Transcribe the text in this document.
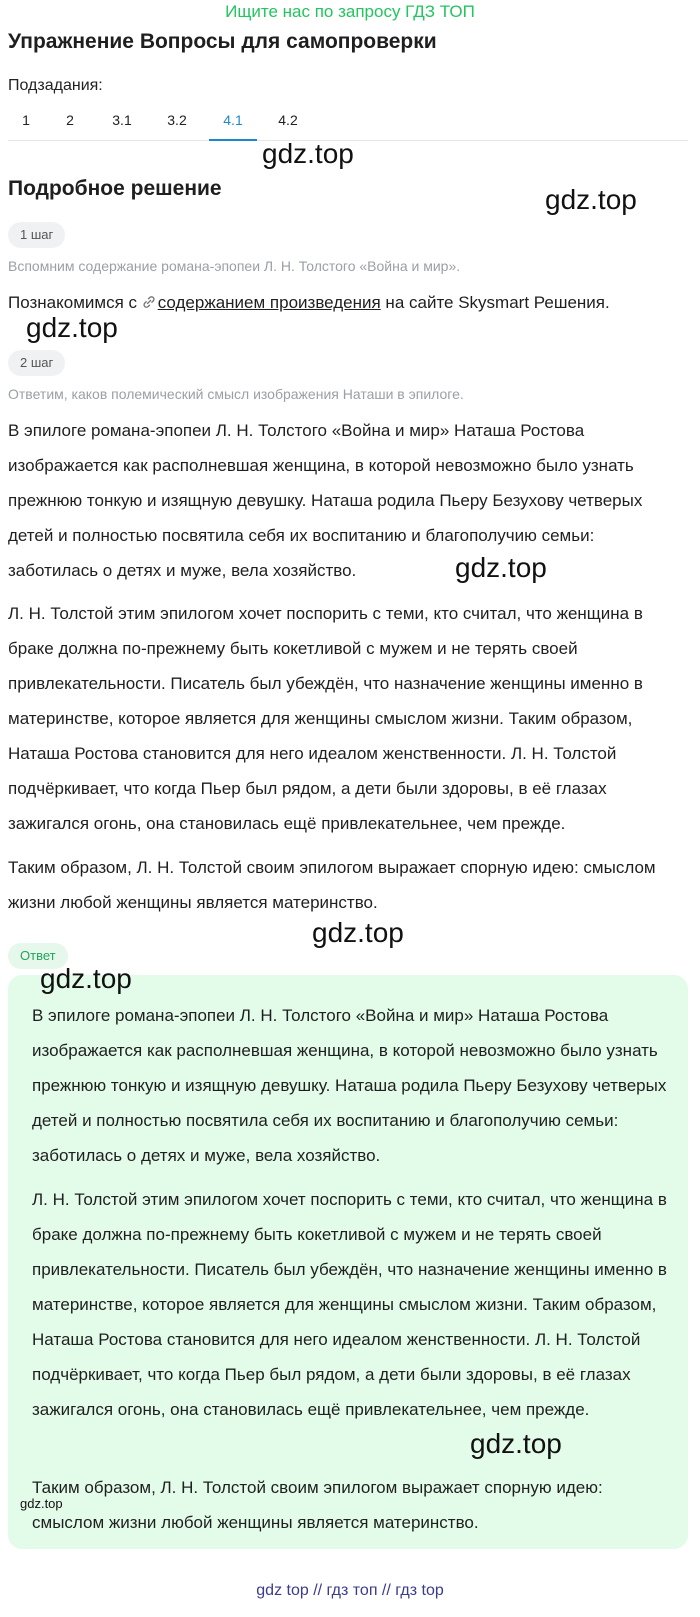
Ищите нас по запросу ГДЗ ТОП
Упражнение Вопросы для самопроверки
Подзадания:
1	2	3.1	3.2	4.1	4.2
gdz.top
Подробное решение	gdz.top
1 шаг
Вспомним содержание романа-эпопеи Л. Н. Толстого «Война и мир».
Познакомимся с содержанием произведения на сайте Skysmart Решения.
gdz.top
2 шаг
Ответим, каков полемический смысл изображения Наташи в эпилоге.

В эпилоге романа-эпопеи Л. Н. Толстого «Война и мир» Наташа Ростова изображается как располневшая женщина, в которой невозможно было узнать прежнюю тонкую и изящную девушку. Наташа родила Пьеру Безухову четверых детей и полностью посвятила себя их воспитанию и благополучию семьи: заботилась о детях и муже, вела хозяйство.

Л. Н. Толстой этим эпилогом хочет поспорить с теми, кто считал, что женщина в браке должна по-прежнему быть кокетливой с мужем и не терять своей привлекательности. Писатель был убеждён, что назначение женщины именно в материнстве, которое является для женщины смыслом жизни. Таким образом, Наташа Ростова становится для него идеалом женственности. Л. Н. Толстой подчёркивает, что когда Пьер был рядом, а дети были здоровы, в её глазах зажигался огонь, она становилась ещё привлекательнее, чем прежде.

Таким образом, Л. Н. Толстой своим эпилогом выражает спорную идею: смыслом жизни любой женщины является материнство.

gdz.top
gdz.top
Ответ
gdz.top

В эпилоге романа-эпопеи Л. Н. Толстого «Война и мир» Наташа Ростова изображается как располневшая женщина, в которой невозможно было узнать прежнюю тонкую и изящную девушку. Наташа родила Пьеру Безухову четверых детей и полностью посвятила себя их воспитанию и благополучию семьи: заботилась о детях и муже, вела хозяйство.

Л. Н. Толстой этим эпилогом хочет поспорить с теми, кто считал, что женщина в браке должна по-прежнему быть кокетливой с мужем и не терять своей привлекательности. Писатель был убеждён, что назначение женщины именно в материнстве, которое является для женщины смыслом жизни. Таким образом, Наташа Ростова становится для него идеалом женственности. Л. Н. Толстой подчёркивает, что когда Пьер был рядом, а дети были здоровы, в её глазах зажигался огонь, она становилась ещё привлекательнее, чем прежде.

Таким образом, Л. Н. Толстой своим эпилогом выражает спорную идею: смыслом жизни любой женщины является материнство.

gdz.top
gdz.top
gdz top // гдз топ // гдз top
